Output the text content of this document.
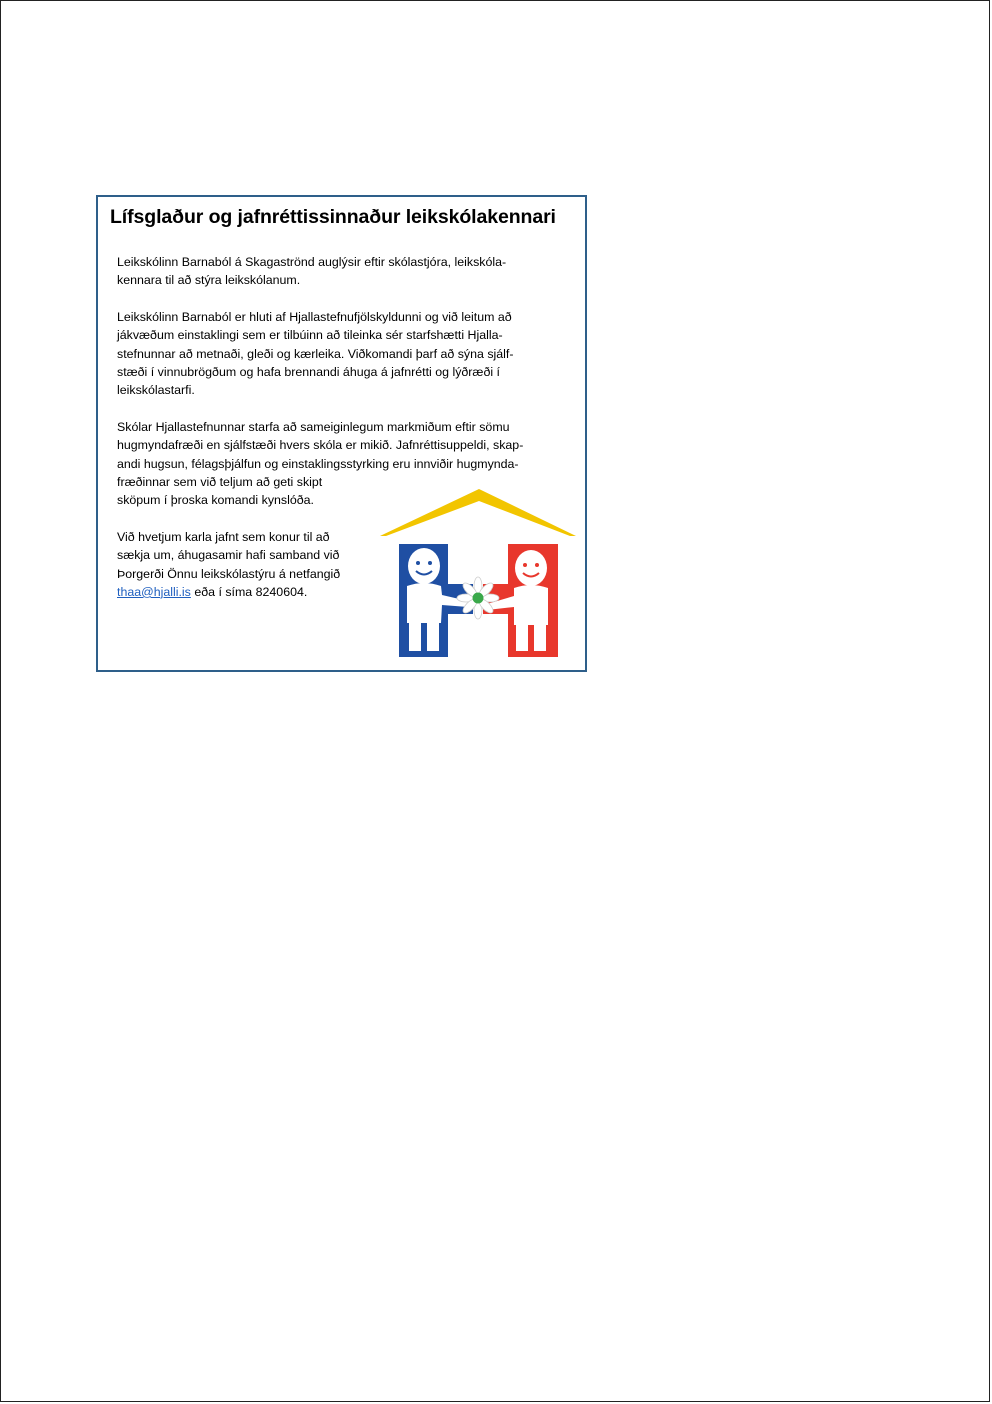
Lífsglaður og jafnréttissinnaður leikskólakennari

Leikskólinn Barnaból á Skagaströnd auglýsir eftir skólastjóra, leikskóla-
kennara til að stýra leikskólanum.

Leikskólinn Barnaból er hluti af Hjallastefnufjölskyldunni og við leitum að
jákvæðum einstaklingi sem er tilbúinn að tileinka sér starfshætti Hjalla-
stefnunnar að metnaði, gleði og kærleika. Viðkomandi þarf að sýna sjálf-
stæði í vinnubrögðum og hafa brennandi áhuga á jafnrétti og lýðræði í
leikskólastarfi.

Skólar Hjallastefnunnar starfa að sameiginlegum markmiðum eftir sömu
hugmyndafræði en sjálfstæði hvers skóla er mikið. Jafnréttisuppeldi, skap-
andi hugsun, félagsþjálfun og einstaklingsstyrking eru innviðir hugmynda-
fræðinnar sem við teljum að geti skipt
sköpum í þroska komandi kynslóða.

Við hvetjum karla jafnt sem konur til að
sækja um, áhugasamir hafi samband við
Þorgerði Önnu leikskólastýru á netfangið
thaa@hjalli.is eða í síma 8240604.
